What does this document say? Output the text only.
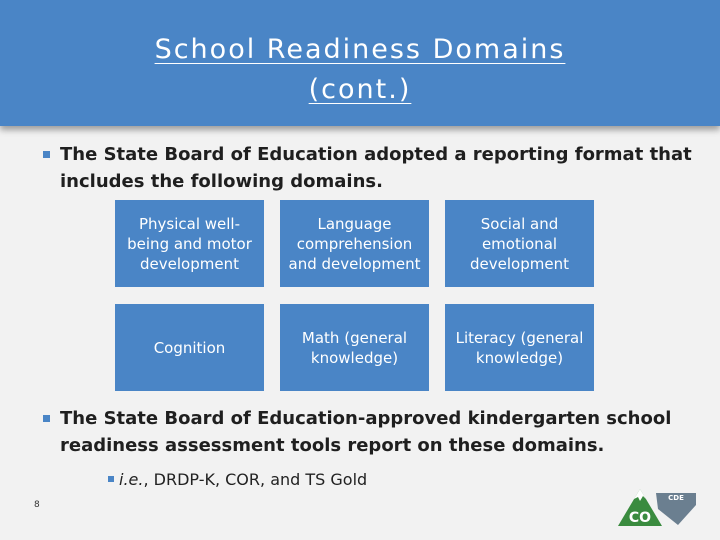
School Readiness Domains
(cont.)
The State Board of Education adopted a reporting format that includes the following domains.
Physical well-being and motor development
Language comprehension and development
Social and emotional development
Cognition
Math (general knowledge)
Literacy (general knowledge)
The State Board of Education-approved kindergarten school readiness assessment tools report on these domains.
i.e., DRDP-K, COR, and TS Gold
8
CDE
CO
